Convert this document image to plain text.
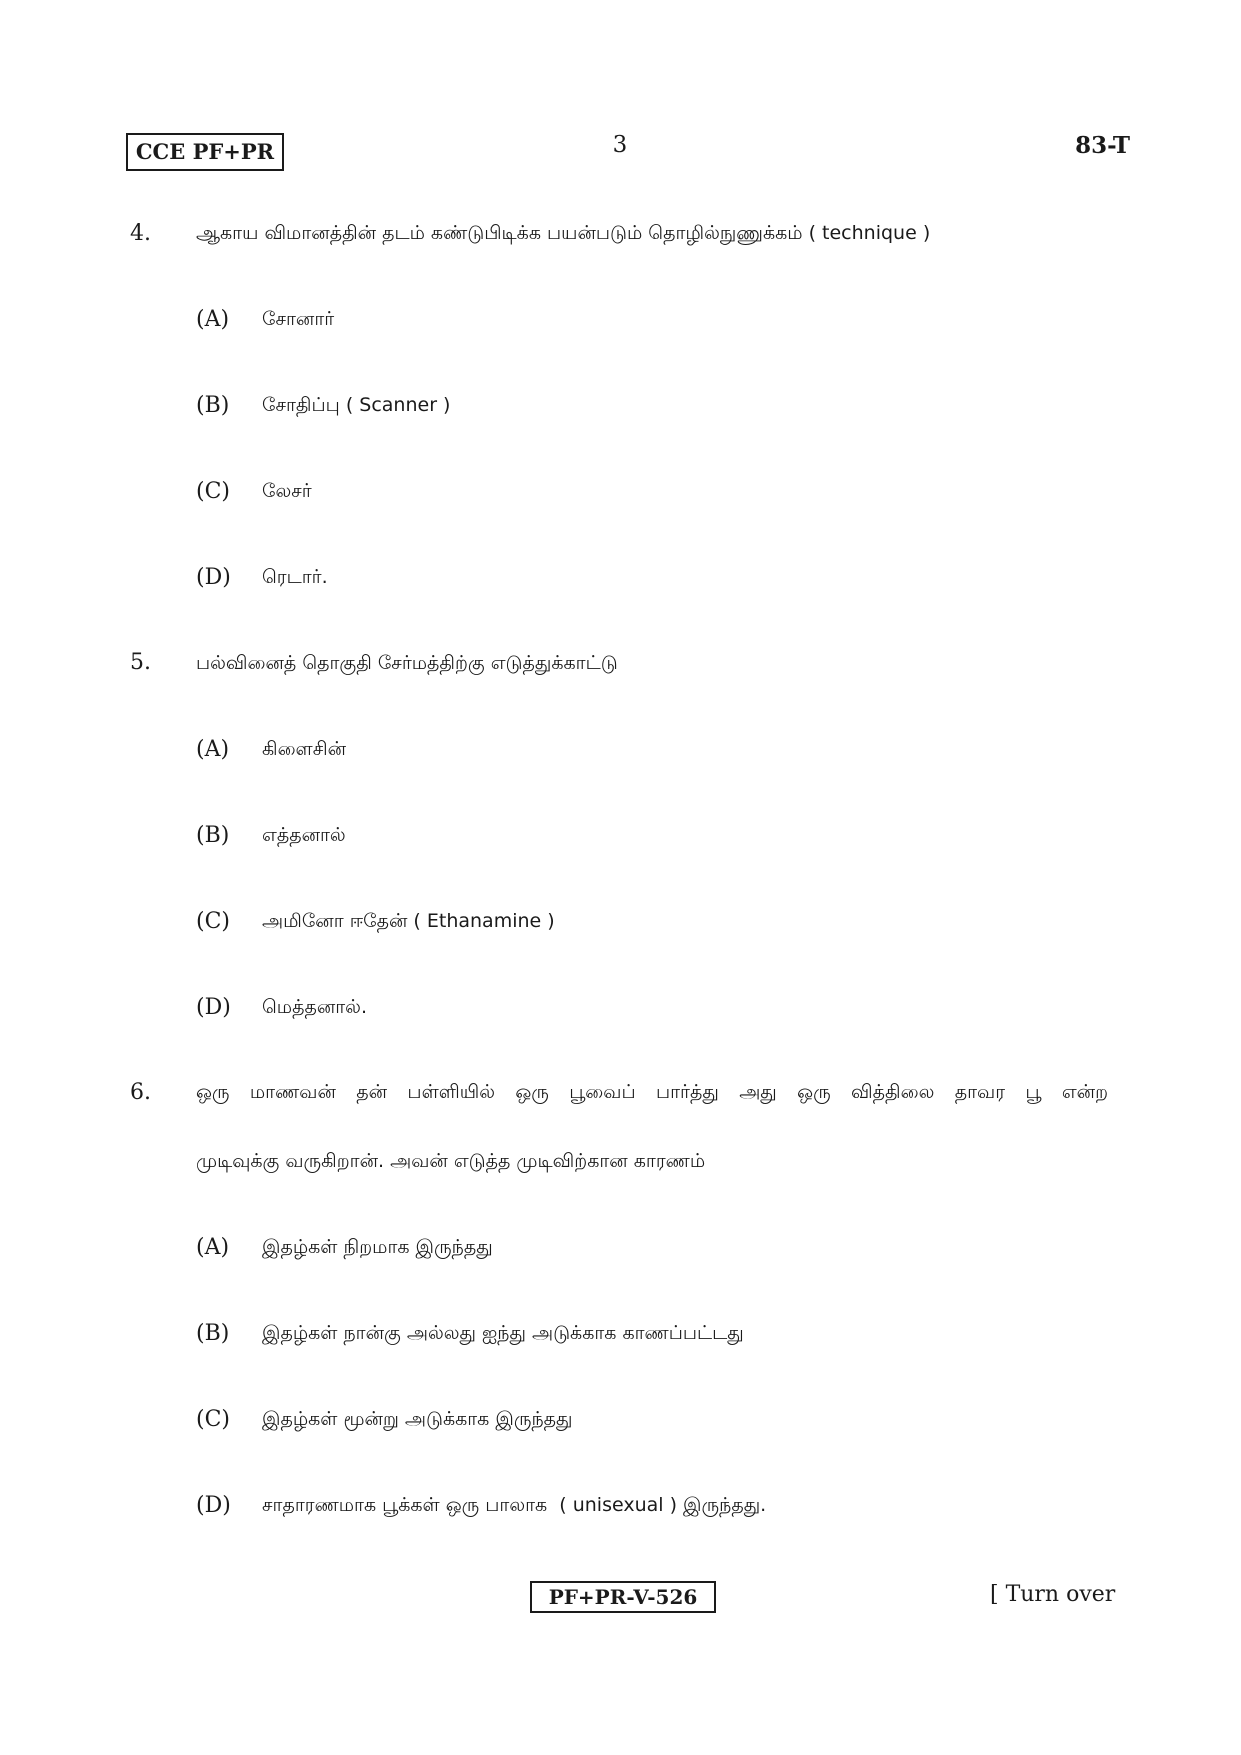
CCE PF+PR	3	83-T
4. ஆகாய விமானத்தின் தடம் கண்டுபிடிக்க பயன்படும் தொழில்நுணுக்கம் ( technique )
(A) சோனார்
(B) சோதிப்பு ( Scanner )
(C) லேசர்
(D) ரெடார்.
5. பல்வினைத் தொகுதி சேர்மத்திற்கு எடுத்துக்காட்டு
(A) கிளைசின்
(B) எத்தனால்
(C) அமினோ ஈதேன் ( Ethanamine )
(D) மெத்தனால்.
6. ஒரு மாணவன் தன் பள்ளியில் ஒரு பூவைப் பார்த்து அது ஒரு வித்திலை தாவர பூ என்ற
முடிவுக்கு வருகிறான். அவன் எடுத்த முடிவிற்கான காரணம்
(A) இதழ்கள் நிறமாக இருந்தது
(B) இதழ்கள் நான்கு அல்லது ஐந்து அடுக்காக காணப்பட்டது
(C) இதழ்கள் மூன்று அடுக்காக இருந்தது
(D) சாதாரணமாக பூக்கள் ஒரு பாலாக  ( unisexual ) இருந்தது.
PF+PR-V-526	[ Turn over
